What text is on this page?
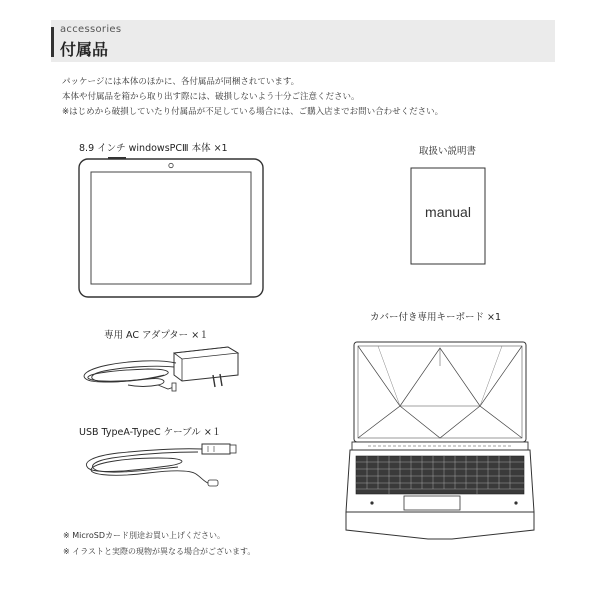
accessories
付属品

パッケージには本体のほかに、各付属品が同梱されています。

本体や付属品を箱から取り出す際には、破損しないよう十分ご注意ください。

※はじめから破損していたり付属品が不足している場合には、ご購入店までお問い合わせください。

8.9 インチ windowsPCⅢ 本体 ×1	取扱い説明書
manual
専用 AC アダプター ×１
USB TypeA-TypeC ケーブル ×１
カバー付き専用キーボード ×1
※ MicroSDカード別途お買い上げください。
※ イラストと実際の現物が異なる場合がございます。
